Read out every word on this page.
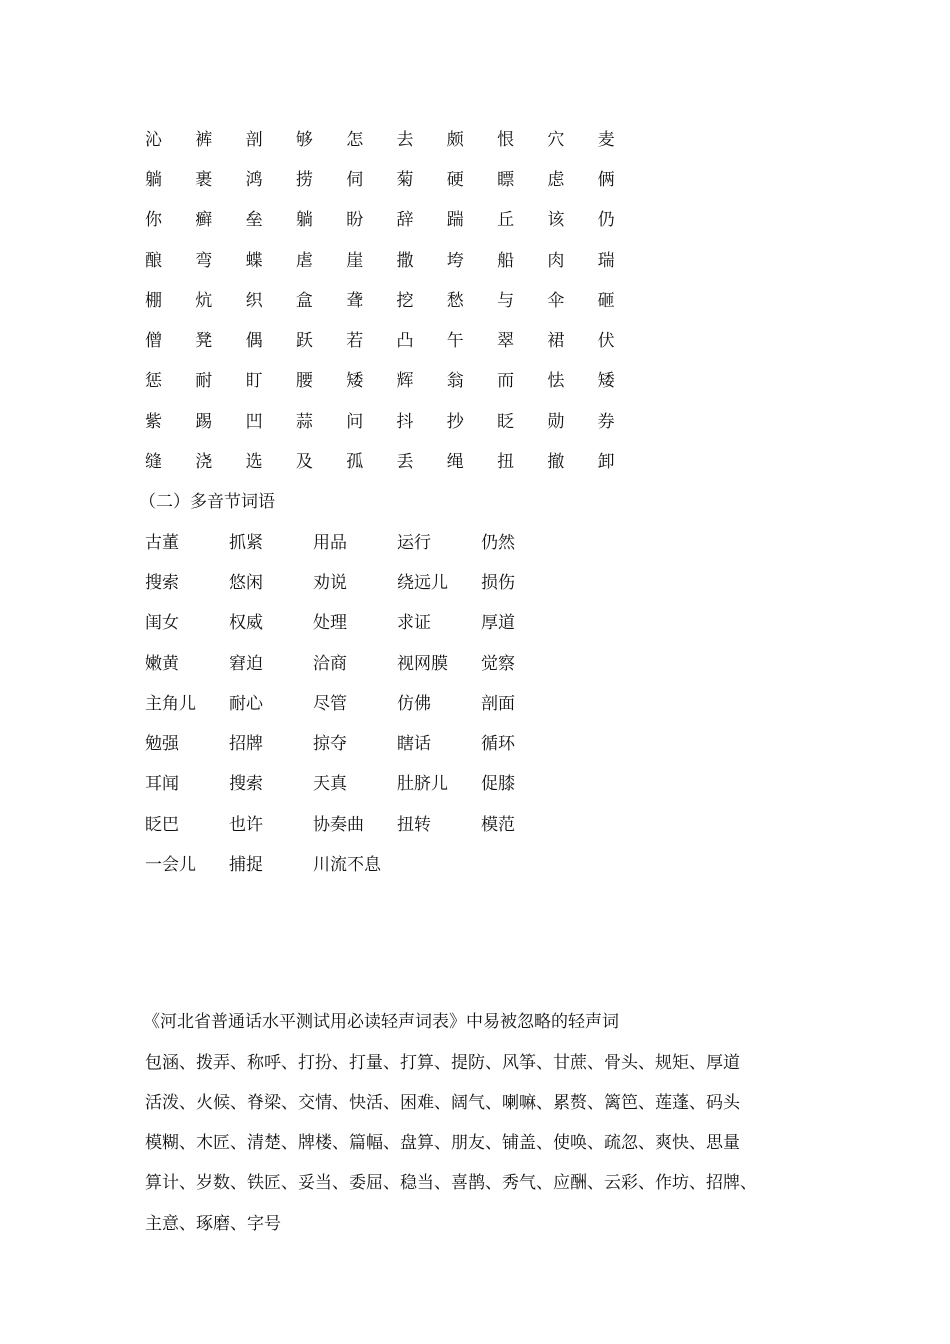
沁	裤	剖	够	怎	去	颇	恨	穴	麦
躺	裹	鸿	捞	伺	菊	硬	瞟	虑	俩
你	癣	垒	躺	盼	辞	踹	丘	该	仍
酿	弯	蝶	虐	崖	撒	垮	船	肉	瑞
棚	炕	织	盒	聋	挖	愁	与	伞	砸
僧	凳	偶	跃	若	凸	午	翠	裙	伏
惩	耐	盯	腰	矮	辉	翁	而	怯	矮
紫	踢	凹	蒜	问	抖	抄	眨	勋	券
缝	浇	选	及	孤	丢	绳	扭	撤	卸
（二）多音节词语
古董	抓紧	用品	运行	仍然
搜索	悠闲	劝说	绕远儿	损伤
闺女	权威	处理	求证	厚道
嫩黄	窘迫	洽商	视网膜	觉察
主角儿	耐心	尽管	仿佛	剖面
勉强	招牌	掠夺	瞎话	循环
耳闻	搜索	天真	肚脐儿	促膝
眨巴	也许	协奏曲	扭转	模范
一会儿	捕捉	川流不息
《河北省普通话水平测试用必读轻声词表》中易被忽略的轻声词
包涵、拨弄、称呼、打扮、打量、打算、提防、风筝、甘蔗、骨头、规矩、厚道
活泼、火候、脊梁、交情、快活、困难、阔气、喇嘛、累赘、篱笆、莲蓬、码头
模糊、木匠、清楚、牌楼、篇幅、盘算、朋友、铺盖、使唤、疏忽、爽快、思量
算计、岁数、铁匠、妥当、委屈、稳当、喜鹊、秀气、应酬、云彩、作坊、招牌、
主意、琢磨、字号
